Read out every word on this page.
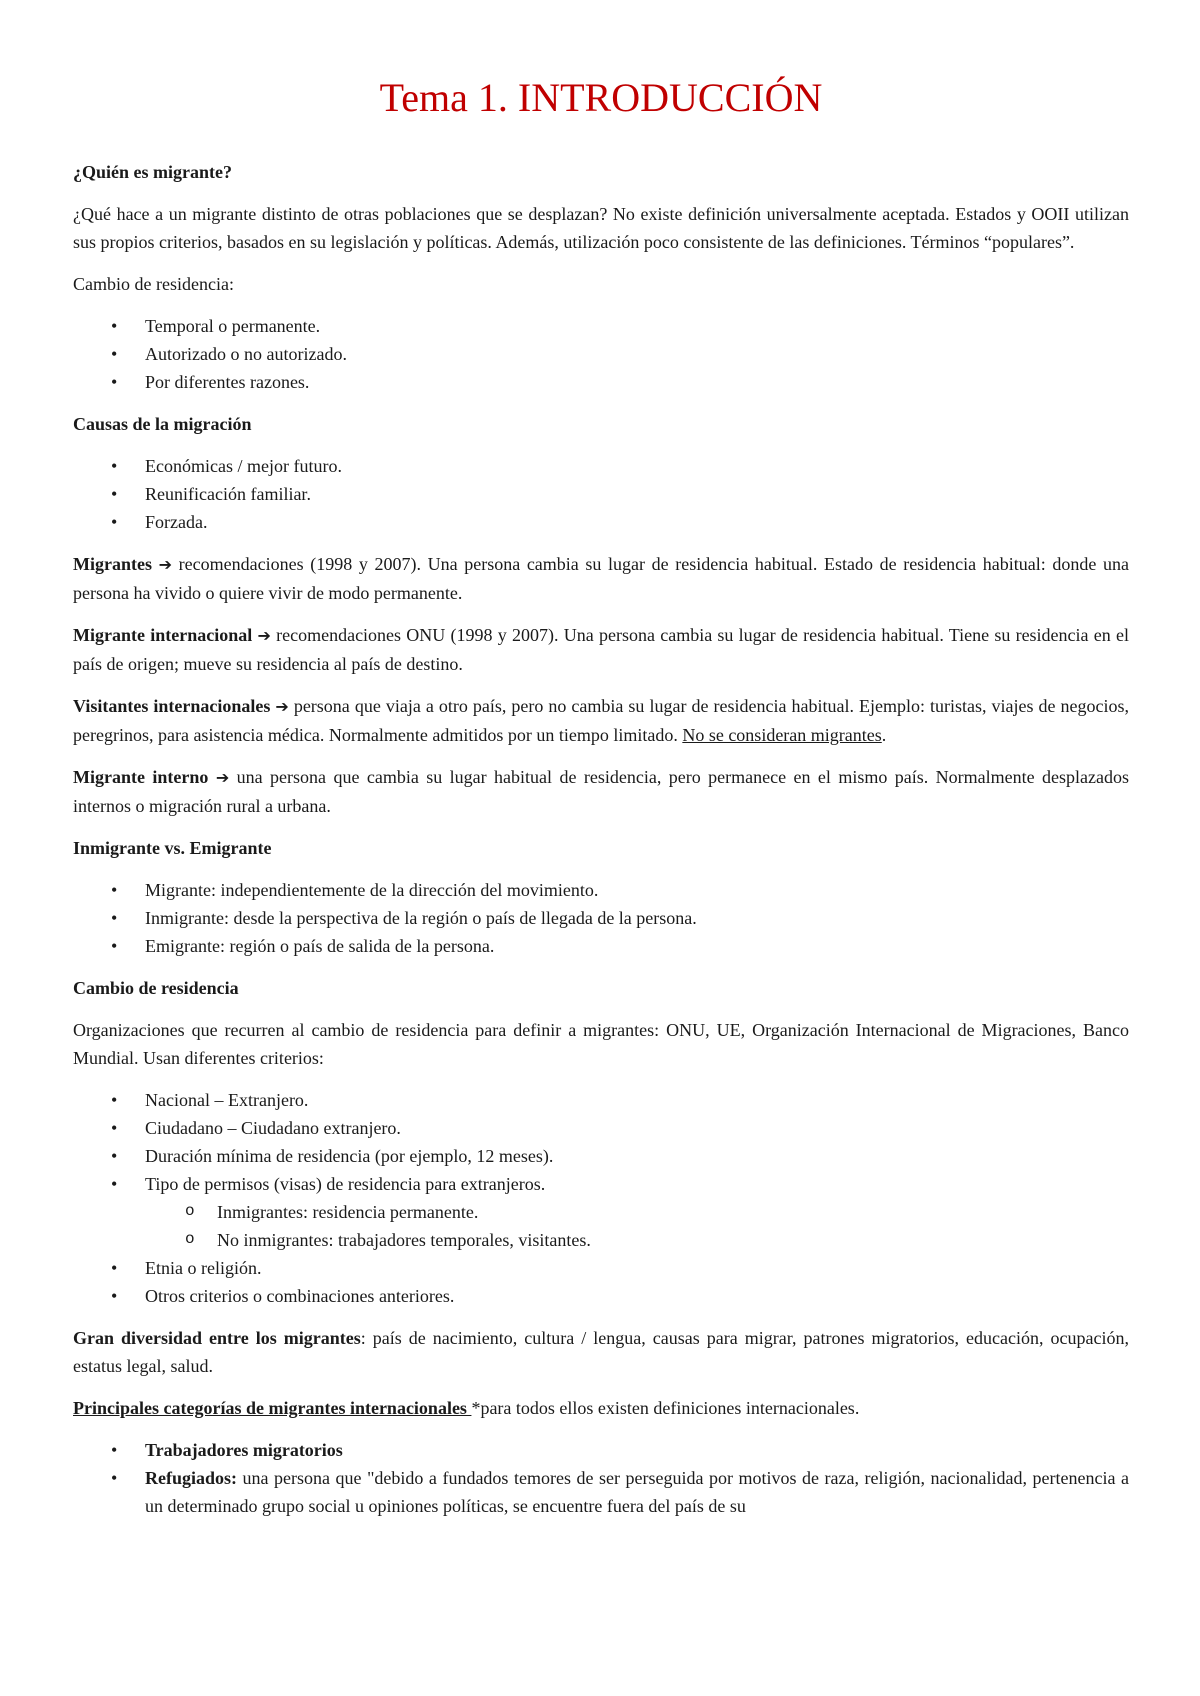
Tema 1. INTRODUCCIÓN

¿Quién es migrante?

¿Qué hace a un migrante distinto de otras poblaciones que se desplazan? No existe definición universalmente aceptada. Estados y OOII utilizan sus propios criterios, basados en su legislación y políticas. Además, utilización poco consistente de las definiciones. Términos “populares”.

Cambio de residencia:

• Temporal o permanente.
• Autorizado o no autorizado.
• Por diferentes razones.

Causas de la migración

• Económicas / mejor futuro.
• Reunificación familiar.
• Forzada.

Migrantes ➔ recomendaciones (1998 y 2007). Una persona cambia su lugar de residencia habitual. Estado de residencia habitual: donde una persona ha vivido o quiere vivir de modo permanente.

Migrante internacional ➔ recomendaciones ONU (1998 y 2007). Una persona cambia su lugar de residencia habitual. Tiene su residencia en el país de origen; mueve su residencia al país de destino.

Visitantes internacionales ➔ persona que viaja a otro país, pero no cambia su lugar de residencia habitual. Ejemplo: turistas, viajes de negocios, peregrinos, para asistencia médica. Normalmente admitidos por un tiempo limitado. No se consideran migrantes.

Migrante interno ➔ una persona que cambia su lugar habitual de residencia, pero permanece en el mismo país. Normalmente desplazados internos o migración rural a urbana.

Inmigrante vs. Emigrante

• Migrante: independientemente de la dirección del movimiento.
• Inmigrante: desde la perspectiva de la región o país de llegada de la persona.
• Emigrante: región o país de salida de la persona.

Cambio de residencia

Organizaciones que recurren al cambio de residencia para definir a migrantes: ONU, UE, Organización Internacional de Migraciones, Banco Mundial. Usan diferentes criterios:

• Nacional – Extranjero.
• Ciudadano – Ciudadano extranjero.
• Duración mínima de residencia (por ejemplo, 12 meses).
• Tipo de permisos (visas) de residencia para extranjeros.
o Inmigrantes: residencia permanente.
o No inmigrantes: trabajadores temporales, visitantes.
• Etnia o religión.
• Otros criterios o combinaciones anteriores.

Gran diversidad entre los migrantes: país de nacimiento, cultura / lengua, causas para migrar, patrones migratorios, educación, ocupación, estatus legal, salud.

Principales categorías de migrantes internacionales *para todos ellos existen definiciones internacionales.

• Trabajadores migratorios
• Refugiados: una persona que "debido a fundados temores de ser perseguida por motivos de raza, religión, nacionalidad, pertenencia a un determinado grupo social u opiniones políticas, se encuentre fuera del país de su
